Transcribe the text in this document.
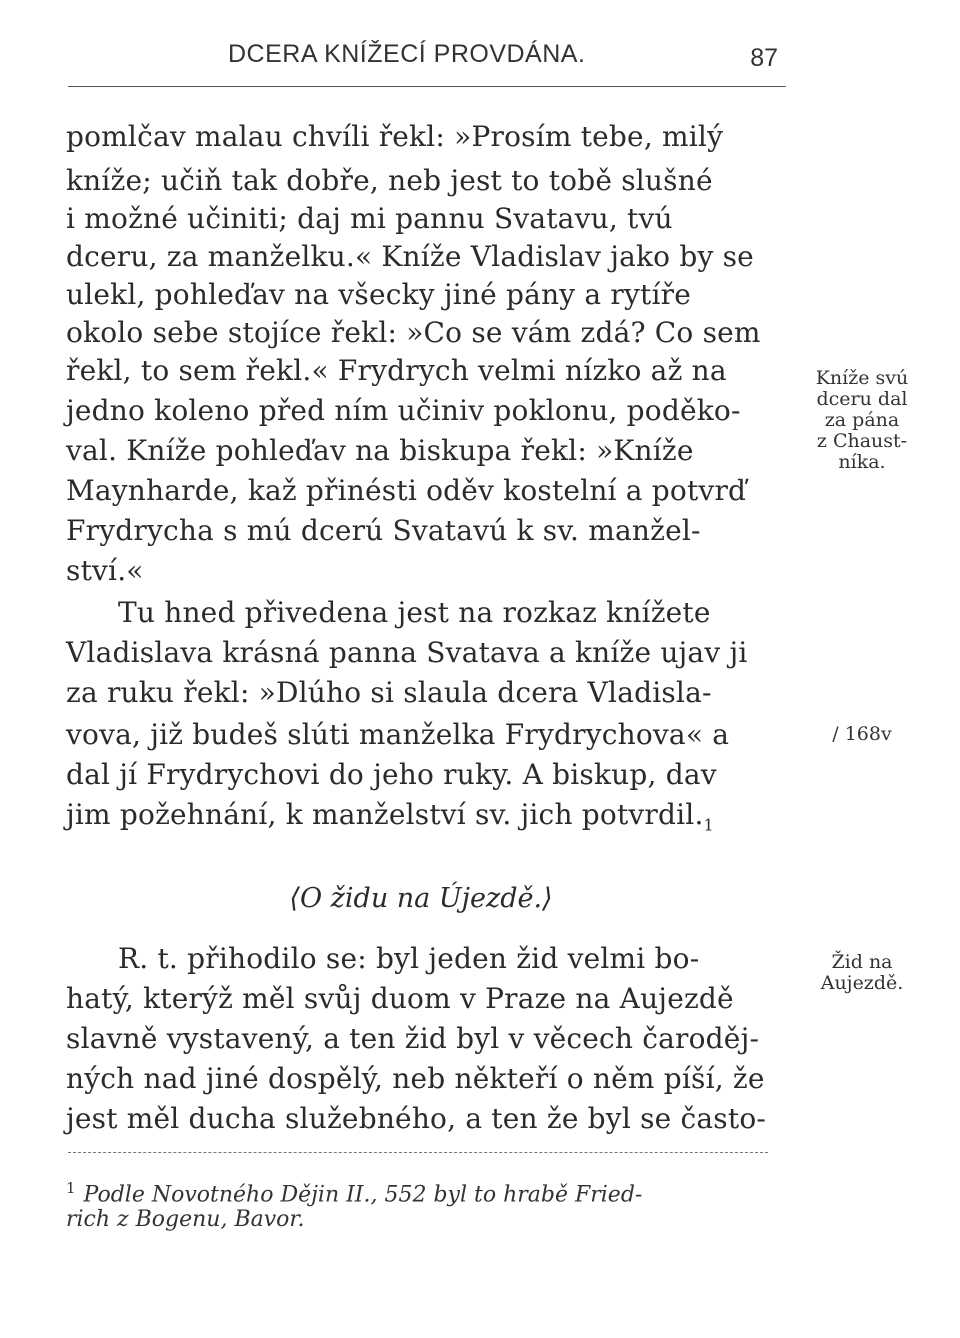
DCERA KNÍŽECÍ PROVDÁNA.	87
pomlčav malau chvíli řekl: »Prosím tebe, milý
kníže; učiň tak dobře, neb jest to tobě slušné
i možné učiniti; daj mi pannu Svatavu, tvú
dceru, za manželku.« Kníže Vladislav jako by se
ulekl, pohleďav na všecky jiné pány a rytíře
okolo sebe stojíce řekl: »Co se vám zdá? Co sem
řekl, to sem řekl.« Frydrych velmi nízko až na
jedno koleno před ním učiniv poklonu, poděko-
val. Kníže pohleďav na biskupa řekl: »Kníže
Maynharde, kaž přinésti oděv kostelní a potvrď
Frydrycha s mú dcerú Svatavú k sv. manžel-
ství.«
Tu hned přivedena jest na rozkaz knížete
Vladislava krásná panna Svatava a kníže ujav ji
za ruku řekl: »Dlúho si slaula dcera Vladisla-
vova, již budeš slúti manželka Frydrychova« a
dal jí Frydrychovi do jeho ruky. A biskup, dav
jim požehnání, k manželství sv. jich $potvrdil._1$
⟨O židu na Újezdě.⟩
R. t. přihodilo se: byl jeden žid velmi bo-
hatý, kterýž měl svůj duom v Praze na Aujezdě
slavně vystavený, a ten žid byl v věcech čaroděj-
ných nad jiné dospělý, neb někteří o něm píší, že
jest měl ducha služebného, a ten že byl se často-
Kníže svú
dceru dal
za pána
z Chaust-
níka.
/ 168v
Žid na
Aujezdě.
$^1$ Podle Novotného Dějin II., 552 byl to hrabě Fried-
rich z Bogenu, Bavor.
